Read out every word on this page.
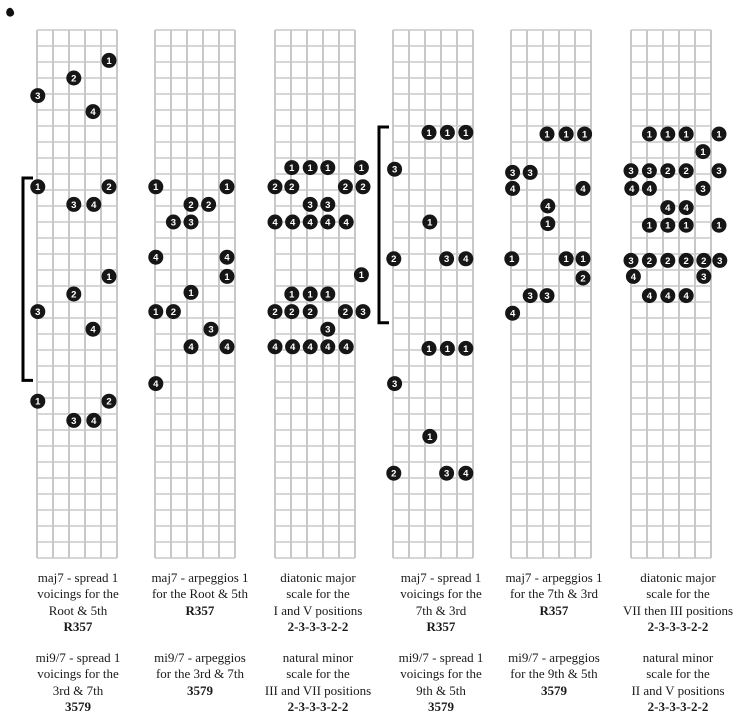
1
2
3
4
1	2
3 4
1
2
3
4
1	2
3 4
1	1
2 2
3 3
4	4
1
1
1 2
3
4	4
4
1 1 1	1
2 2	2 2
3 3
4 4 4 4 4
1
1 1 1
2 2 2	2 3
3
4 4 4 4 4
1 1 1
3
1
2	3 4
1 1 1
3
1
2	3 4
1 1 1
3 3
4	4
4
1
1	1 1
2
3 3
4
1 1 1	1
1
3 3 2 2	3
4 4	3
4 4
1 1 1	1
3 2 2 2 2 3
4	3
4 4 4
maj7 - spread 1
voicings for the
Root & 5th
R357
mi9/7 - spread 1
voicings for the
3rd & 7th
3579
maj7 - arpeggios 1
for the Root & 5th
R357
mi9/7 - arpeggios
for the 3rd & 7th
3579
diatonic major
scale for the
I and V positions
2-3-3-3-2-2
natural minor
scale for the
III and VII positions
2-3-3-3-2-2
maj7 - spread 1
voicings for the
7th & 3rd
R357
mi9/7 - spread 1
voicings for the
9th & 5th
3579
maj7 - arpeggios 1
for the 7th & 3rd
R357
mi9/7 - arpeggios
for the 9th & 5th
3579
diatonic major
scale for the
VII then III positions
2-3-3-3-2-2
natural minor
scale for the
II and V positions
2-3-3-3-2-2
